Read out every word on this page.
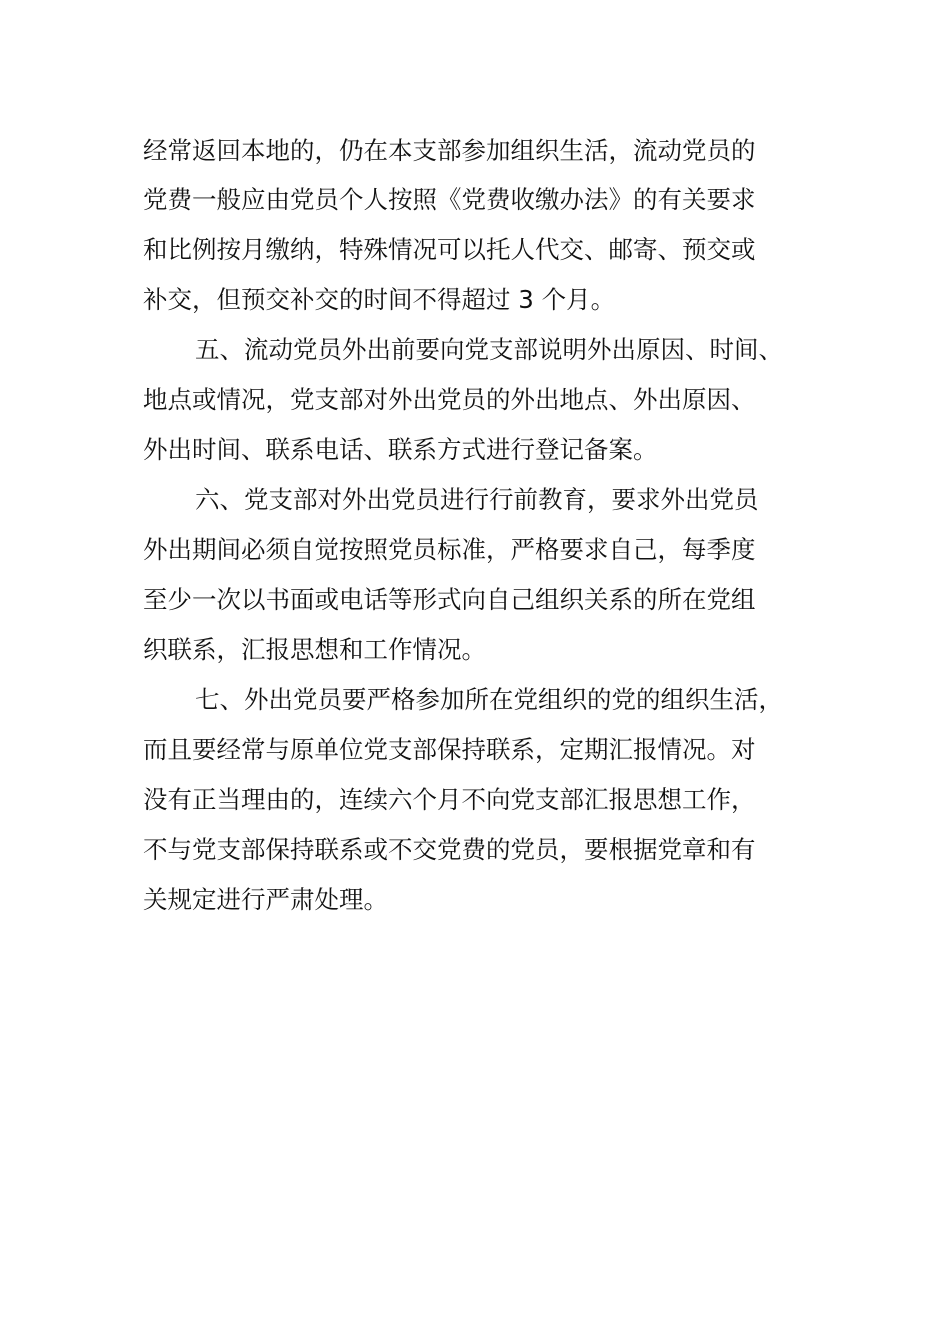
经常返回本地的，仍在本支部参加组织生活，流动党员的
党费一般应由党员个人按照《党费收缴办法》的有关要求
和比例按月缴纳，特殊情况可以托人代交、邮寄、预交或
补交，但预交补交的时间不得超过 3 个月。
五、流动党员外出前要向党支部说明外出原因、时间、
地点或情况，党支部对外出党员的外出地点、外出原因、
外出时间、联系电话、联系方式进行登记备案。
六、党支部对外出党员进行行前教育，要求外出党员
外出期间必须自觉按照党员标准，严格要求自己，每季度
至少一次以书面或电话等形式向自己组织关系的所在党组
织联系，汇报思想和工作情况。
七、外出党员要严格参加所在党组织的党的组织生活，
而且要经常与原单位党支部保持联系，定期汇报情况。对
没有正当理由的，连续六个月不向党支部汇报思想工作，
不与党支部保持联系或不交党费的党员，要根据党章和有
关规定进行严肃处理。
